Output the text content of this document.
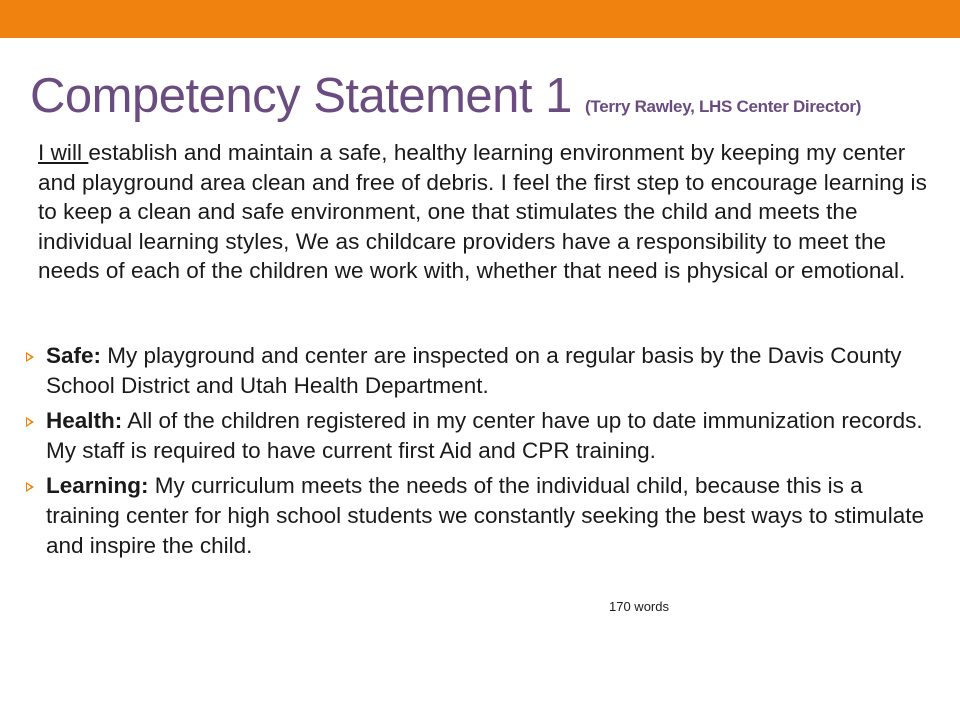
Competency Statement 1 (Terry Rawley, LHS Center Director)

I will establish and maintain a safe, healthy learning environment by keeping my center and playground area clean and free of debris. I feel the first step to encourage learning is to keep a clean and safe environment, one that stimulates the child and meets the individual learning styles, We as childcare providers have a responsibility to meet the needs of each of the children we work with, whether that need is physical or emotional.

Safe: My playground and center are inspected on a regular basis by the Davis County School District and Utah Health Department.
Health: All of the children registered in my center have up to date immunization records. My staff is required to have current first Aid and CPR training.
Learning: My curriculum meets the needs of the individual child, because this is a training center for high school students we constantly seeking the best ways to stimulate and inspire the child.
170 words
